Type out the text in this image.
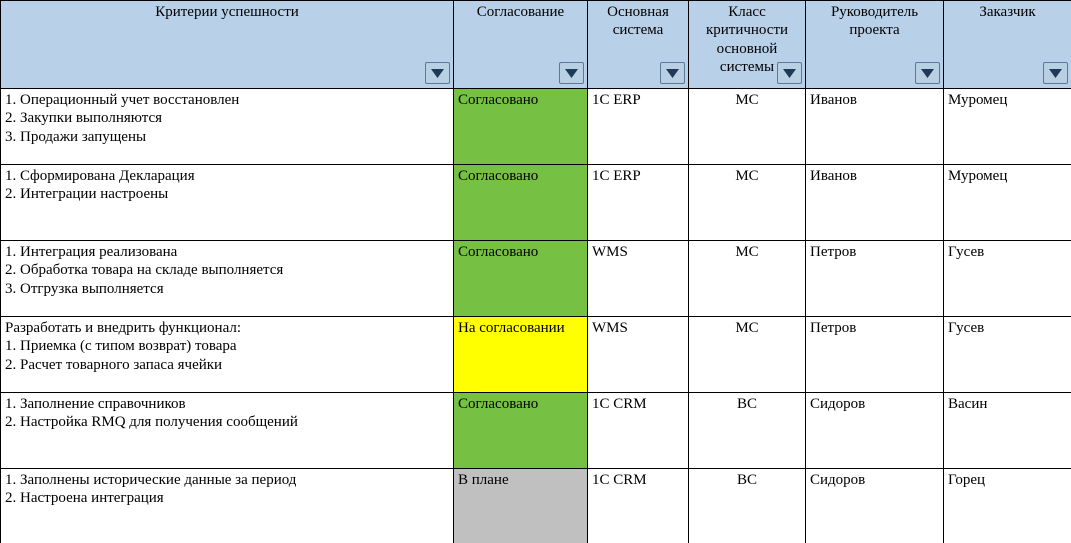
Критерии успешности	Согласование	Основная система	Класс критичности основной системы	Руководитель проекта	Заказчик

1. Операционный учет восстановлен
2. Закупки выполняются
3. Продажи запущены	Согласовано	1С ERP	MC	Иванов	Муромец

1. Сформирована Декларация
2. Интеграции настроены	Согласовано	1С ERP	MC	Иванов	Муромец

1. Интеграция реализована
2. Обработка товара на складе выполняется
3. Отгрузка выполняется	Согласовано	WMS	MC	Петров	Гусев

Разработать и внедрить функционал:
1. Приемка (с типом возврат) товара
2. Расчет товарного запаса ячейки	На согласовании	WMS	MC	Петров	Гусев

1. Заполнение справочников
2. Настройка RMQ для получения сообщений	Согласовано	1С CRM	ВС	Сидоров	Васин

1. Заполнены исторические данные за период
2. Настроена интеграция	В плане	1С CRM	ВС	Сидоров	Горец
